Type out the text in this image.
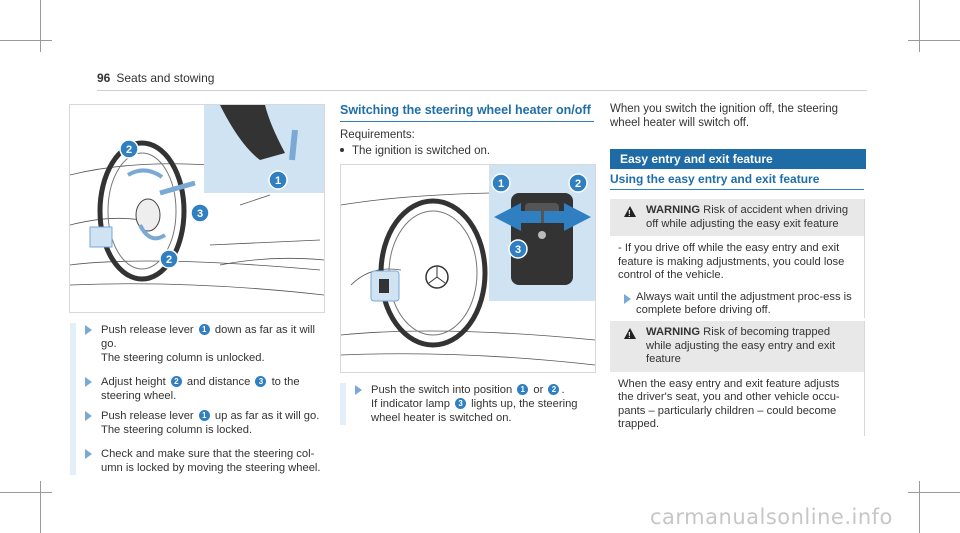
96 Seats and stowing
2
3
2
1
Push release lever 1 down as far as it will go.
The steering column is unlocked.
Adjust height 2 and distance 3 to the steering wheel.
Push release lever 1 up as far as it will go.
The steering column is locked.
Check and make sure that the steering col-umn is locked by moving the steering wheel.
Switching the steering wheel heater on/off
Requirements:
The ignition is switched on.
1	2
3
Push the switch into position 1 or 2 .
If indicator lamp 3 lights up, the steering wheel heater is switched on.
When you switch the ignition off, the steering wheel heater will switch off.
Easy entry and exit feature
Using the easy entry and exit feature
!
WARNING Risk of accident when driving off while adjusting the easy exit feature
- If you drive off while the easy entry and exit feature is making adjustments, you could lose control of the vehicle.
Always wait until the adjustment proc-ess is complete before driving off.
!
WARNING Risk of becoming trapped while adjusting the easy entry and exit feature
When the easy entry and exit feature adjusts the driver's seat, you and other vehicle occu-pants – particularly children – could become trapped.
carmanualsonline.info
